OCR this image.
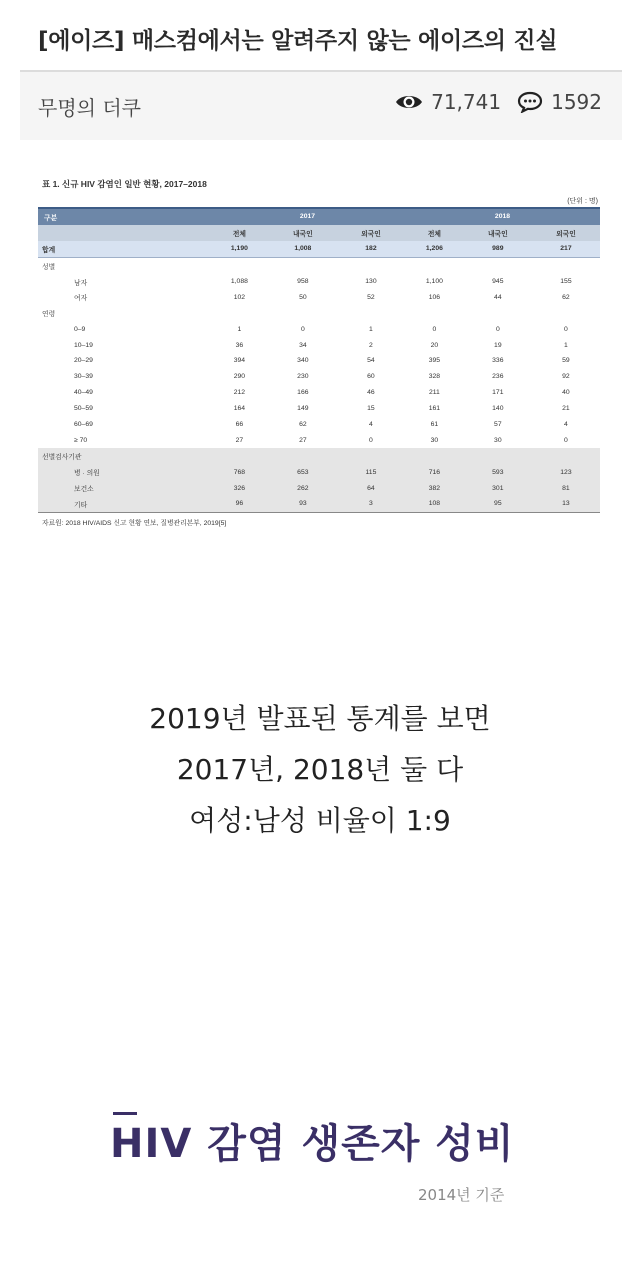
[에이즈] 매스컴에서는 알려주지 않는 에이즈의 진실
무명의 더쿠	71,741	1592
표 1. 신규 HIV 감염인 일반 현황, 2017–2018
(단위 : 명)
구분	2017			2018		
	전체	내국인	외국인	전체	내국인	외국인
합계	1,190	1,008	182	1,206	989	217
성별						
남자	1,088	958	130	1,100	945	155
여자	102	50	52	106	44	62
연령						
0–9	1	0	1	0	0	0
10–19	36	34	2	20	19	1
20–29	394	340	54	395	336	59
30–39	290	230	60	328	236	92
40–49	212	166	46	211	171	40
50–59	164	149	15	161	140	21
60–69	66	62	4	61	57	4
≥ 70	27	27	0	30	30	0
선별검사기관						
병 · 의원	768	653	115	716	593	123
보건소	326	262	64	382	301	81
기타	96	93	3	108	95	13
자료원: 2018 HIV/AIDS 신고 현황 연보, 질병관리본부, 2019[5]
2019년 발표된 통계를 보면
2017년, 2018년 둘 다
여성:남성 비율이 1:9
HIV 감염 생존자 성비
2014년 기준
